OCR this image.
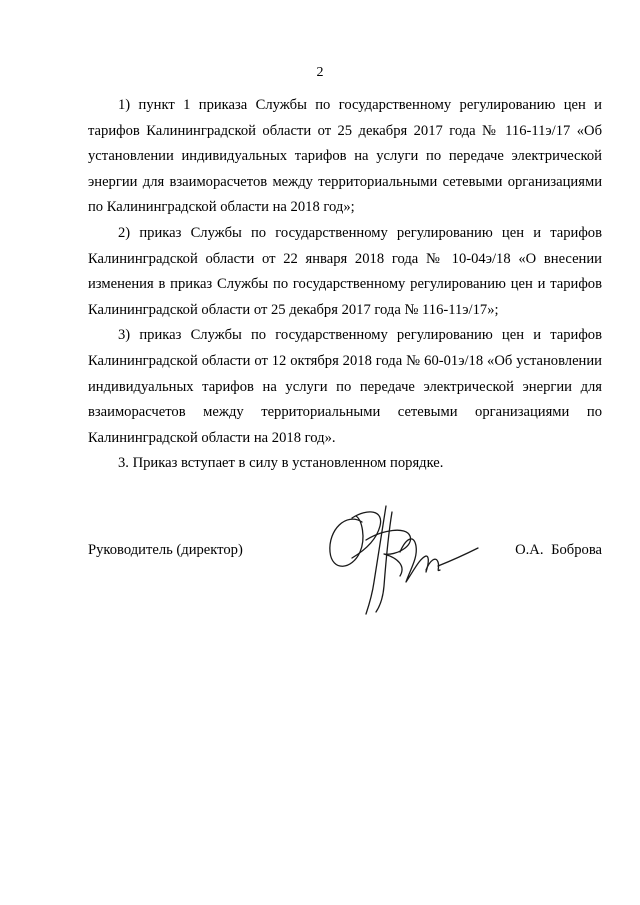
2

1) пункт 1 приказа Службы по государственному регулированию цен и тарифов Калининградской области от 25 декабря 2017 года № 116-11э/17 «Об установлении индивидуальных тарифов на услуги по передаче электрической энергии для взаиморасчетов между территориальными сетевыми организациями по Калининградской области на 2018 год»;

2) приказ Службы по государственному регулированию цен и тарифов Калининградской области от 22 января 2018 года № 10-04э/18 «О внесении изменения в приказ Службы по государственному регулированию цен и тарифов Калининградской области от 25 декабря 2017 года № 116-11э/17»;

3) приказ Службы по государственному регулированию цен и тарифов Калининградской области от 12 октября 2018 года № 60-01э/18 «Об установлении индивидуальных тарифов на услуги по передаче электрической энергии для взаиморасчетов между территориальными сетевыми организациями по Калининградской области на 2018 год».

3. Приказ вступает в силу в установленном порядке.

Руководитель (директор)	О.А. Боброва
